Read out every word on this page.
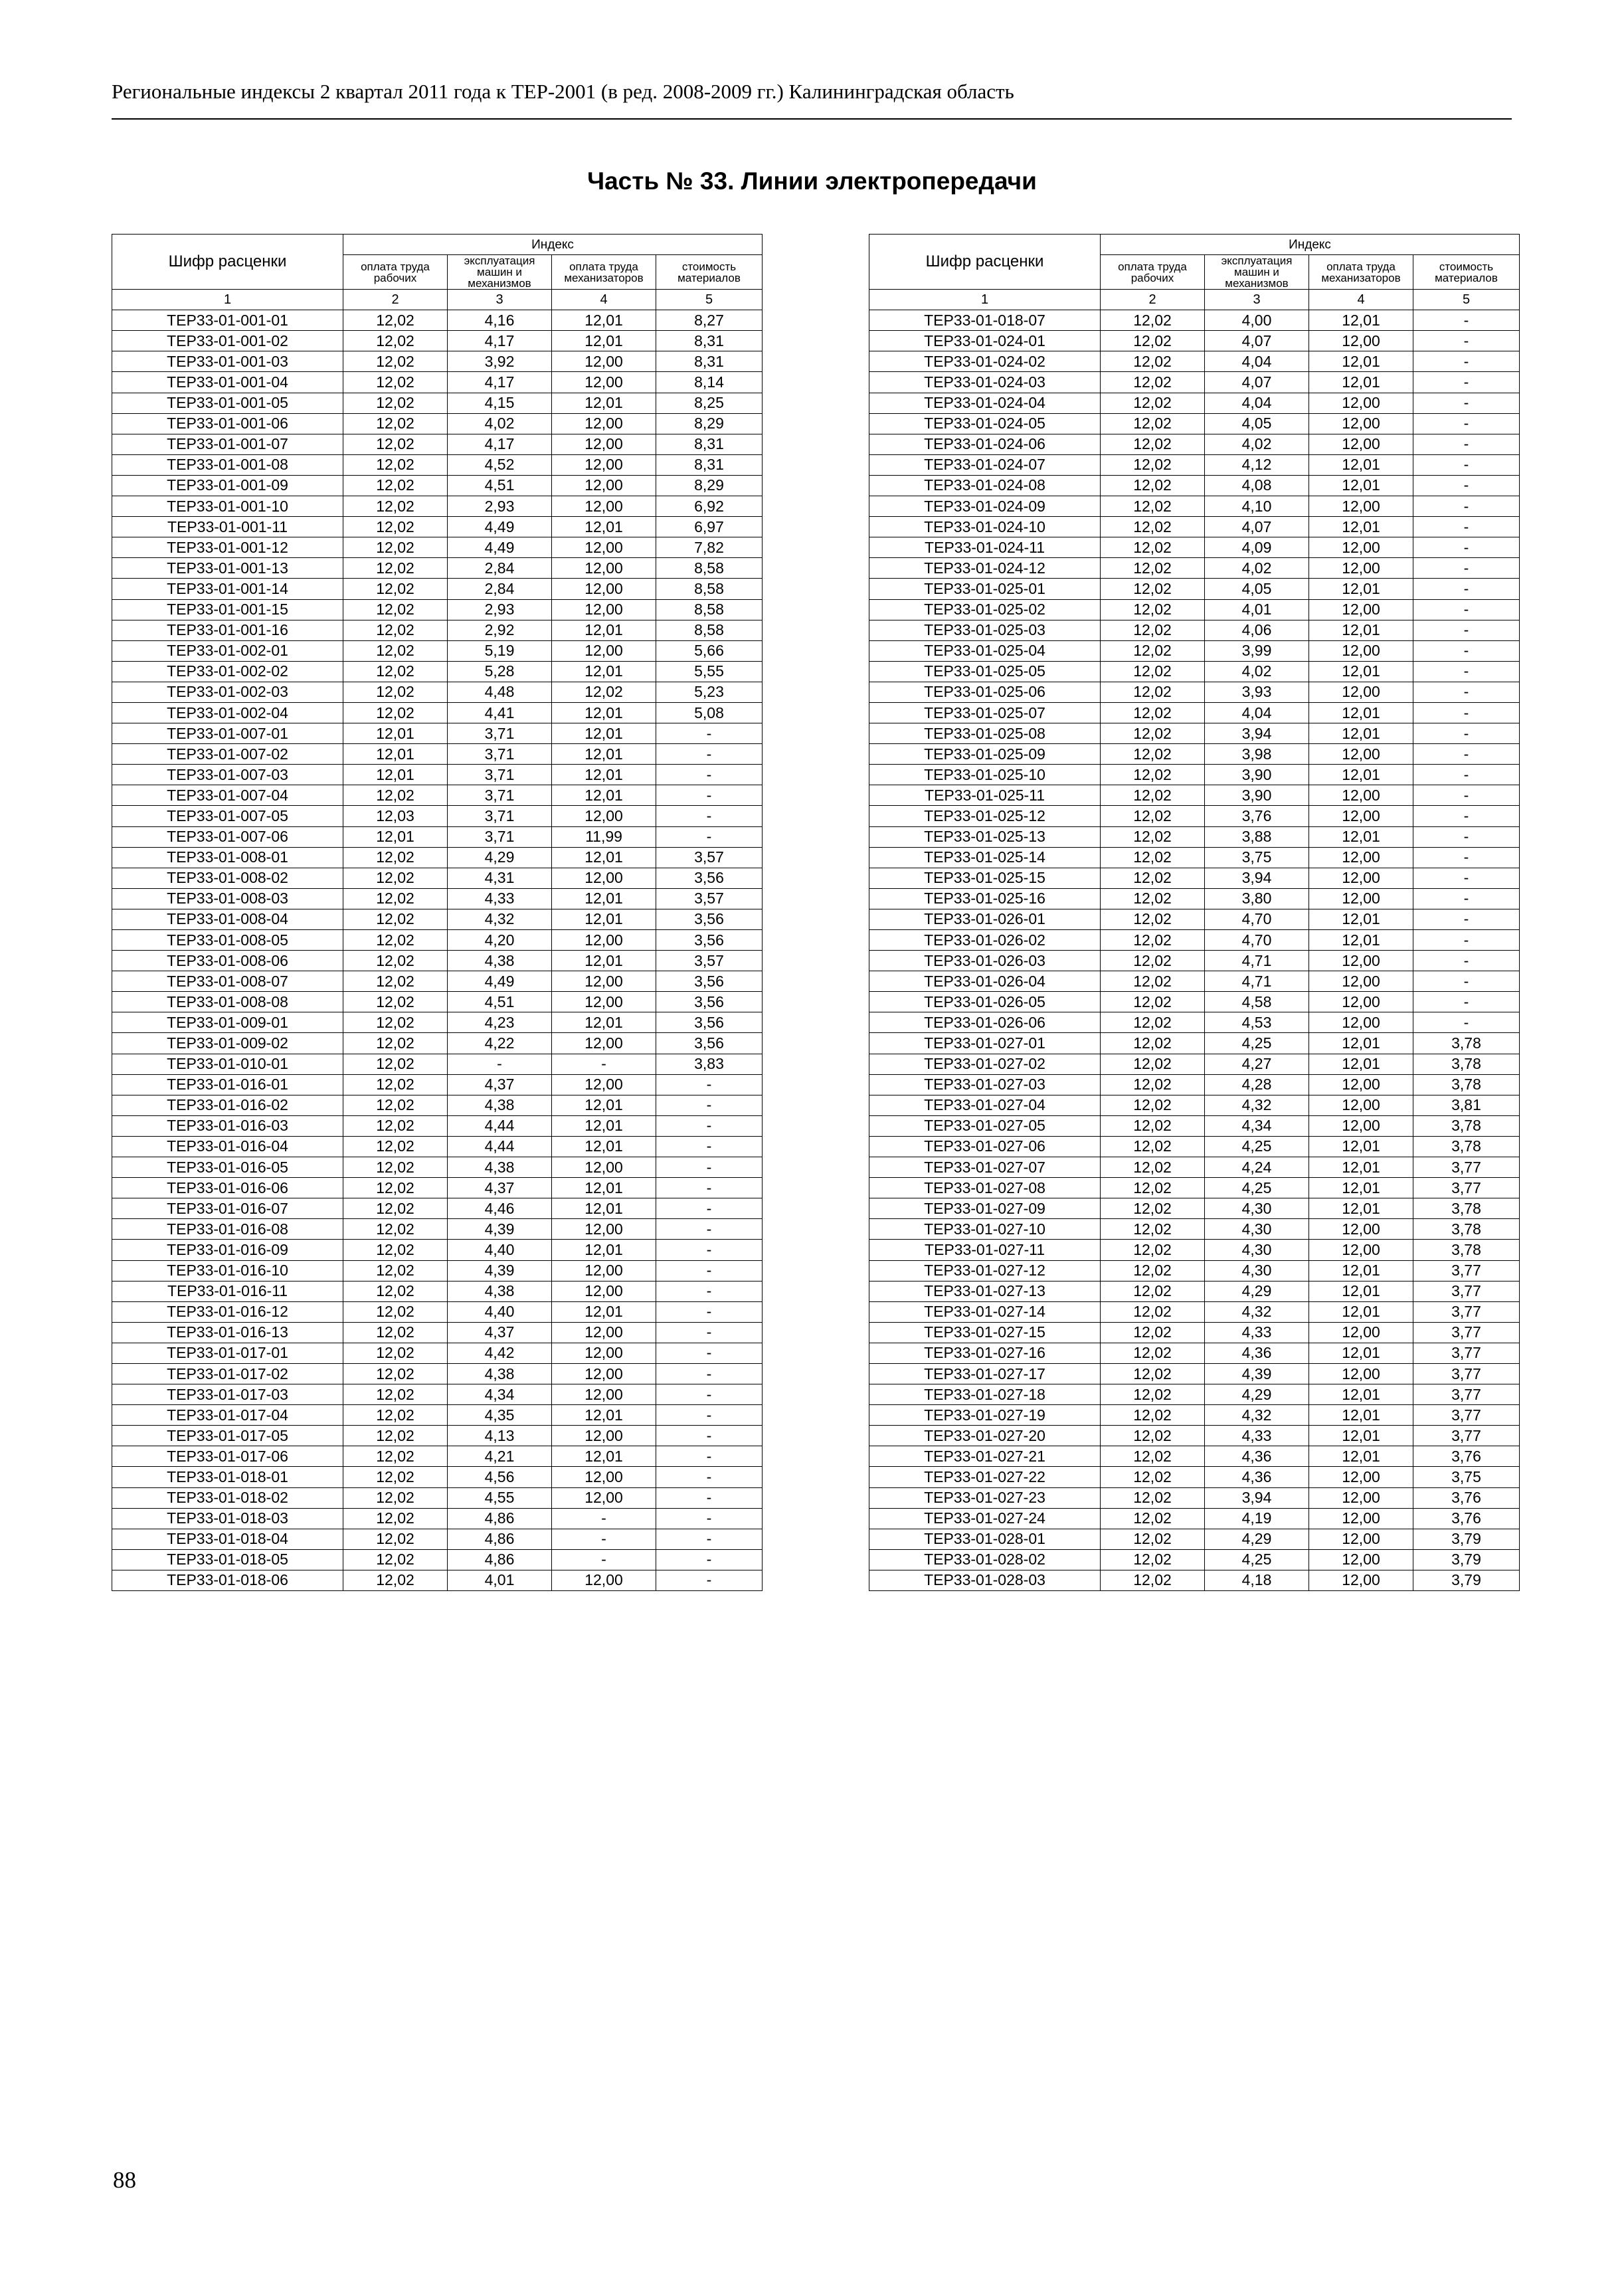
Региональные индексы 2 квартал 2011 года к ТЕР-2001 (в ред. 2008-2009 гг.) Калининградская область
Часть № 33. Линии электропередачи
Шифр расценки	Индекс			
	оплата труда рабочих	эксплуатация машин и механизмов	оплата труда механизаторов	стоимость материалов
1	2	3	4	5
ТЕР33-01-001-01	12,02	4,16	12,01	8,27
ТЕР33-01-001-02	12,02	4,17	12,01	8,31
ТЕР33-01-001-03	12,02	3,92	12,00	8,31
ТЕР33-01-001-04	12,02	4,17	12,00	8,14
ТЕР33-01-001-05	12,02	4,15	12,01	8,25
ТЕР33-01-001-06	12,02	4,02	12,00	8,29
ТЕР33-01-001-07	12,02	4,17	12,00	8,31
ТЕР33-01-001-08	12,02	4,52	12,00	8,31
ТЕР33-01-001-09	12,02	4,51	12,00	8,29
ТЕР33-01-001-10	12,02	2,93	12,00	6,92
ТЕР33-01-001-11	12,02	4,49	12,01	6,97
ТЕР33-01-001-12	12,02	4,49	12,00	7,82
ТЕР33-01-001-13	12,02	2,84	12,00	8,58
ТЕР33-01-001-14	12,02	2,84	12,00	8,58
ТЕР33-01-001-15	12,02	2,93	12,00	8,58
ТЕР33-01-001-16	12,02	2,92	12,01	8,58
ТЕР33-01-002-01	12,02	5,19	12,00	5,66
ТЕР33-01-002-02	12,02	5,28	12,01	5,55
ТЕР33-01-002-03	12,02	4,48	12,02	5,23
ТЕР33-01-002-04	12,02	4,41	12,01	5,08
ТЕР33-01-007-01	12,01	3,71	12,01	-
ТЕР33-01-007-02	12,01	3,71	12,01	-
ТЕР33-01-007-03	12,01	3,71	12,01	-
ТЕР33-01-007-04	12,02	3,71	12,01	-
ТЕР33-01-007-05	12,03	3,71	12,00	-
ТЕР33-01-007-06	12,01	3,71	11,99	-
ТЕР33-01-008-01	12,02	4,29	12,01	3,57
ТЕР33-01-008-02	12,02	4,31	12,00	3,56
ТЕР33-01-008-03	12,02	4,33	12,01	3,57
ТЕР33-01-008-04	12,02	4,32	12,01	3,56
ТЕР33-01-008-05	12,02	4,20	12,00	3,56
ТЕР33-01-008-06	12,02	4,38	12,01	3,57
ТЕР33-01-008-07	12,02	4,49	12,00	3,56
ТЕР33-01-008-08	12,02	4,51	12,00	3,56
ТЕР33-01-009-01	12,02	4,23	12,01	3,56
ТЕР33-01-009-02	12,02	4,22	12,00	3,56
ТЕР33-01-010-01	12,02	-	-	3,83
ТЕР33-01-016-01	12,02	4,37	12,00	-
ТЕР33-01-016-02	12,02	4,38	12,01	-
ТЕР33-01-016-03	12,02	4,44	12,01	-
ТЕР33-01-016-04	12,02	4,44	12,01	-
ТЕР33-01-016-05	12,02	4,38	12,00	-
ТЕР33-01-016-06	12,02	4,37	12,01	-
ТЕР33-01-016-07	12,02	4,46	12,01	-
ТЕР33-01-016-08	12,02	4,39	12,00	-
ТЕР33-01-016-09	12,02	4,40	12,01	-
ТЕР33-01-016-10	12,02	4,39	12,00	-
ТЕР33-01-016-11	12,02	4,38	12,00	-
ТЕР33-01-016-12	12,02	4,40	12,01	-
ТЕР33-01-016-13	12,02	4,37	12,00	-
ТЕР33-01-017-01	12,02	4,42	12,00	-
ТЕР33-01-017-02	12,02	4,38	12,00	-
ТЕР33-01-017-03	12,02	4,34	12,00	-
ТЕР33-01-017-04	12,02	4,35	12,01	-
ТЕР33-01-017-05	12,02	4,13	12,00	-
ТЕР33-01-017-06	12,02	4,21	12,01	-
ТЕР33-01-018-01	12,02	4,56	12,00	-
ТЕР33-01-018-02	12,02	4,55	12,00	-
ТЕР33-01-018-03	12,02	4,86	-	-
ТЕР33-01-018-04	12,02	4,86	-	-
ТЕР33-01-018-05	12,02	4,86	-	-
ТЕР33-01-018-06	12,02	4,01	12,00	-
Шифр расценки	Индекс			
	оплата труда рабочих	эксплуатация машин и механизмов	оплата труда механизаторов	стоимость материалов
1	2	3	4	5
ТЕР33-01-018-07	12,02	4,00	12,01	-
ТЕР33-01-024-01	12,02	4,07	12,00	-
ТЕР33-01-024-02	12,02	4,04	12,01	-
ТЕР33-01-024-03	12,02	4,07	12,01	-
ТЕР33-01-024-04	12,02	4,04	12,00	-
ТЕР33-01-024-05	12,02	4,05	12,00	-
ТЕР33-01-024-06	12,02	4,02	12,00	-
ТЕР33-01-024-07	12,02	4,12	12,01	-
ТЕР33-01-024-08	12,02	4,08	12,01	-
ТЕР33-01-024-09	12,02	4,10	12,00	-
ТЕР33-01-024-10	12,02	4,07	12,01	-
ТЕР33-01-024-11	12,02	4,09	12,00	-
ТЕР33-01-024-12	12,02	4,02	12,00	-
ТЕР33-01-025-01	12,02	4,05	12,01	-
ТЕР33-01-025-02	12,02	4,01	12,00	-
ТЕР33-01-025-03	12,02	4,06	12,01	-
ТЕР33-01-025-04	12,02	3,99	12,00	-
ТЕР33-01-025-05	12,02	4,02	12,01	-
ТЕР33-01-025-06	12,02	3,93	12,00	-
ТЕР33-01-025-07	12,02	4,04	12,01	-
ТЕР33-01-025-08	12,02	3,94	12,01	-
ТЕР33-01-025-09	12,02	3,98	12,00	-
ТЕР33-01-025-10	12,02	3,90	12,01	-
ТЕР33-01-025-11	12,02	3,90	12,00	-
ТЕР33-01-025-12	12,02	3,76	12,00	-
ТЕР33-01-025-13	12,02	3,88	12,01	-
ТЕР33-01-025-14	12,02	3,75	12,00	-
ТЕР33-01-025-15	12,02	3,94	12,00	-
ТЕР33-01-025-16	12,02	3,80	12,00	-
ТЕР33-01-026-01	12,02	4,70	12,01	-
ТЕР33-01-026-02	12,02	4,70	12,01	-
ТЕР33-01-026-03	12,02	4,71	12,00	-
ТЕР33-01-026-04	12,02	4,71	12,00	-
ТЕР33-01-026-05	12,02	4,58	12,00	-
ТЕР33-01-026-06	12,02	4,53	12,00	-
ТЕР33-01-027-01	12,02	4,25	12,01	3,78
ТЕР33-01-027-02	12,02	4,27	12,01	3,78
ТЕР33-01-027-03	12,02	4,28	12,00	3,78
ТЕР33-01-027-04	12,02	4,32	12,00	3,81
ТЕР33-01-027-05	12,02	4,34	12,00	3,78
ТЕР33-01-027-06	12,02	4,25	12,01	3,78
ТЕР33-01-027-07	12,02	4,24	12,01	3,77
ТЕР33-01-027-08	12,02	4,25	12,01	3,77
ТЕР33-01-027-09	12,02	4,30	12,01	3,78
ТЕР33-01-027-10	12,02	4,30	12,00	3,78
ТЕР33-01-027-11	12,02	4,30	12,00	3,78
ТЕР33-01-027-12	12,02	4,30	12,01	3,77
ТЕР33-01-027-13	12,02	4,29	12,01	3,77
ТЕР33-01-027-14	12,02	4,32	12,01	3,77
ТЕР33-01-027-15	12,02	4,33	12,00	3,77
ТЕР33-01-027-16	12,02	4,36	12,01	3,77
ТЕР33-01-027-17	12,02	4,39	12,00	3,77
ТЕР33-01-027-18	12,02	4,29	12,01	3,77
ТЕР33-01-027-19	12,02	4,32	12,01	3,77
ТЕР33-01-027-20	12,02	4,33	12,01	3,77
ТЕР33-01-027-21	12,02	4,36	12,01	3,76
ТЕР33-01-027-22	12,02	4,36	12,00	3,75
ТЕР33-01-027-23	12,02	3,94	12,00	3,76
ТЕР33-01-027-24	12,02	4,19	12,00	3,76
ТЕР33-01-028-01	12,02	4,29	12,00	3,79
ТЕР33-01-028-02	12,02	4,25	12,00	3,79
ТЕР33-01-028-03	12,02	4,18	12,00	3,79
88
